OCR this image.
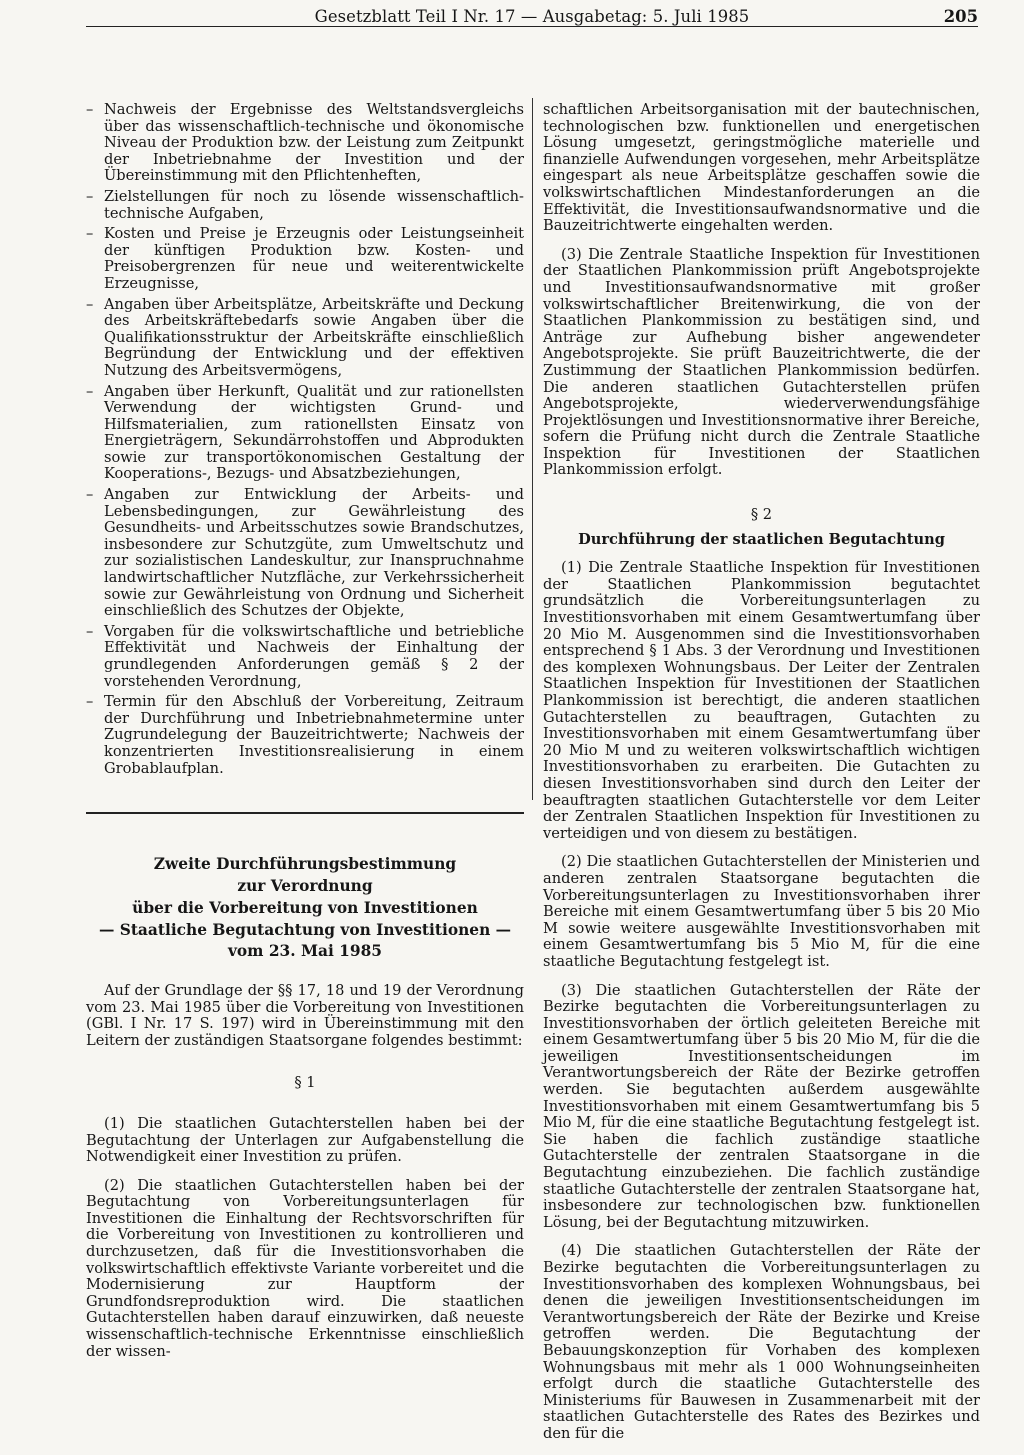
Gesetzblatt Teil I Nr. 17 — Ausgabetag: 5. Juli 1985	205
– Nachweis der Ergebnisse des Weltstandsvergleichs über das wissenschaftlich-technische und ökonomische Niveau der Produktion bzw. der Leistung zum Zeitpunkt der Inbetriebnahme der Investition und der Übereinstimmung mit den Pflichtenheften,
– Zielstellungen für noch zu lösende wissenschaftlich-technische Aufgaben,
– Kosten und Preise je Erzeugnis oder Leistungseinheit der künftigen Produktion bzw. Kosten- und Preisobergrenzen für neue und weiterentwickelte Erzeugnisse,
– Angaben über Arbeitsplätze, Arbeitskräfte und Deckung des Arbeitskräftebedarfs sowie Angaben über die Qualifikationsstruktur der Arbeitskräfte einschließlich Begründung der Entwicklung und der effektiven Nutzung des Arbeitsvermögens,
– Angaben über Herkunft, Qualität und zur rationellsten Verwendung der wichtigsten Grund- und Hilfsmaterialien, zum rationellsten Einsatz von Energieträgern, Sekundärrohstoffen und Abprodukten sowie zur transportökonomischen Gestaltung der Kooperations-, Bezugs- und Absatzbeziehungen,
– Angaben zur Entwicklung der Arbeits- und Lebensbedingungen, zur Gewährleistung des Gesundheits- und Arbeitsschutzes sowie Brandschutzes, insbesondere zur Schutzgüte, zum Umweltschutz und zur sozialistischen Landeskultur, zur Inanspruchnahme landwirtschaftlicher Nutzfläche, zur Verkehrssicherheit sowie zur Gewährleistung von Ordnung und Sicherheit einschließlich des Schutzes der Objekte,
– Vorgaben für die volkswirtschaftliche und betriebliche Effektivität und Nachweis der Einhaltung der grundlegenden Anforderungen gemäß § 2 der vorstehenden Verordnung,
– Termin für den Abschluß der Vorbereitung, Zeitraum der Durchführung und Inbetriebnahmetermine unter Zugrundelegung der Bauzeitrichtwerte; Nachweis der konzentrierten Investitionsrealisierung in einem Grobablaufplan.
Zweite Durchführungsbestimmung
zur Verordnung
über die Vorbereitung von Investitionen
— Staatliche Begutachtung von Investitionen —
vom 23. Mai 1985

Auf der Grundlage der §§ 17, 18 und 19 der Verordnung vom 23. Mai 1985 über die Vorbereitung von Investitionen (GBl. I Nr. 17 S. 197) wird in Übereinstimmung mit den Leitern der zuständigen Staatsorgane folgendes bestimmt:

§ 1

(1) Die staatlichen Gutachterstellen haben bei der Begutachtung der Unterlagen zur Aufgabenstellung die Notwendigkeit einer Investition zu prüfen.

(2) Die staatlichen Gutachterstellen haben bei der Begutachtung von Vorbereitungsunterlagen für Investitionen die Einhaltung der Rechtsvorschriften für die Vorbereitung von Investitionen zu kontrollieren und durchzusetzen, daß für die Investitionsvorhaben die volkswirtschaftlich effektivste Variante vorbereitet und die Modernisierung zur Hauptform der Grundfondsreproduktion wird. Die staatlichen Gutachterstellen haben darauf einzuwirken, daß neueste wissenschaftlich-technische Erkenntnisse einschließlich der wissen-

schaftlichen Arbeitsorganisation mit der bautechnischen, technologischen bzw. funktionellen und energetischen Lösung umgesetzt, geringstmögliche materielle und finanzielle Aufwendungen vorgesehen, mehr Arbeitsplätze eingespart als neue Arbeitsplätze geschaffen sowie die volkswirtschaftlichen Mindestanforderungen an die Effektivität, die Investitionsaufwandsnormative und die Bauzeitrichtwerte eingehalten werden.

(3) Die Zentrale Staatliche Inspektion für Investitionen der Staatlichen Plankommission prüft Angebotsprojekte und Investitionsaufwandsnormative mit großer volkswirtschaftlicher Breitenwirkung, die von der Staatlichen Plankommission zu bestätigen sind, und Anträge zur Aufhebung bisher angewendeter Angebotsprojekte. Sie prüft Bauzeitrichtwerte, die der Zustimmung der Staatlichen Plankommission bedürfen. Die anderen staatlichen Gutachterstellen prüfen Angebotsprojekte, wiederverwendungsfähige Projektlösungen und Investitionsnormative ihrer Bereiche, sofern die Prüfung nicht durch die Zentrale Staatliche Inspektion für Investitionen der Staatlichen Plankommission erfolgt.

§ 2
Durchführung der staatlichen Begutachtung

(1) Die Zentrale Staatliche Inspektion für Investitionen der Staatlichen Plankommission begutachtet grundsätzlich die Vorbereitungsunterlagen zu Investitionsvorhaben mit einem Gesamtwertumfang über 20 Mio M. Ausgenommen sind die Investitionsvorhaben entsprechend § 1 Abs. 3 der Verordnung und Investitionen des komplexen Wohnungsbaus. Der Leiter der Zentralen Staatlichen Inspektion für Investitionen der Staatlichen Plankommission ist berechtigt, die anderen staatlichen Gutachterstellen zu beauftragen, Gutachten zu Investitionsvorhaben mit einem Gesamtwertumfang über 20 Mio M und zu weiteren volkswirtschaftlich wichtigen Investitionsvorhaben zu erarbeiten. Die Gutachten zu diesen Investitionsvorhaben sind durch den Leiter der beauftragten staatlichen Gutachterstelle vor dem Leiter der Zentralen Staatlichen Inspektion für Investitionen zu verteidigen und von diesem zu bestätigen.

(2) Die staatlichen Gutachterstellen der Ministerien und anderen zentralen Staatsorgane begutachten die Vorbereitungsunterlagen zu Investitionsvorhaben ihrer Bereiche mit einem Gesamtwertumfang über 5 bis 20 Mio M sowie weitere ausgewählte Investitionsvorhaben mit einem Gesamtwertumfang bis 5 Mio M, für die eine staatliche Begutachtung festgelegt ist.

(3) Die staatlichen Gutachterstellen der Räte der Bezirke begutachten die Vorbereitungsunterlagen zu Investitionsvorhaben der örtlich geleiteten Bereiche mit einem Gesamtwertumfang über 5 bis 20 Mio M, für die die jeweiligen Investitionsentscheidungen im Verantwortungsbereich der Räte der Bezirke getroffen werden. Sie begutachten außerdem ausgewählte Investitionsvorhaben mit einem Gesamtwertumfang bis 5 Mio M, für die eine staatliche Begutachtung festgelegt ist. Sie haben die fachlich zuständige staatliche Gutachterstelle der zentralen Staatsorgane in die Begutachtung einzubeziehen. Die fachlich zuständige staatliche Gutachterstelle der zentralen Staatsorgane hat, insbesondere zur technologischen bzw. funktionellen Lösung, bei der Begutachtung mitzuwirken.

(4) Die staatlichen Gutachterstellen der Räte der Bezirke begutachten die Vorbereitungsunterlagen zu Investitionsvorhaben des komplexen Wohnungsbaus, bei denen die jeweiligen Investitionsentscheidungen im Verantwortungsbereich der Räte der Bezirke und Kreise getroffen werden. Die Begutachtung der Bebauungskonzeption für Vorhaben des komplexen Wohnungsbaus mit mehr als 1 000 Wohnungseinheiten erfolgt durch die staatliche Gutachterstelle des Ministeriums für Bauwesen in Zusammenarbeit mit der staatlichen Gutachterstelle des Rates des Bezirkes und den für die
